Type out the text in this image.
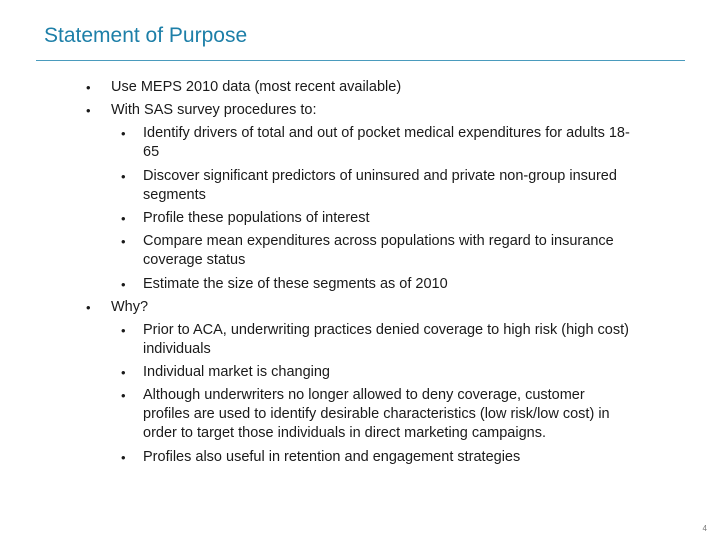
Statement of Purpose
• Use MEPS 2010 data (most recent available)
• With SAS survey procedures to:
• Identify drivers of total and out of pocket medical expenditures for adults 18-
65
• Discover significant predictors of uninsured and private non-group insured
segments
• Profile these populations of interest
• Compare mean expenditures across populations with regard to insurance
coverage status
• Estimate the size of these segments as of 2010
• Why?
• Prior to ACA, underwriting practices denied coverage to high risk (high cost)
individuals
• Individual market is changing
• Although underwriters no longer allowed to deny coverage, customer
profiles are used to identify desirable characteristics (low risk/low cost) in
order to target those individuals in direct marketing campaigns.
• Profiles also useful in retention and engagement strategies
4
